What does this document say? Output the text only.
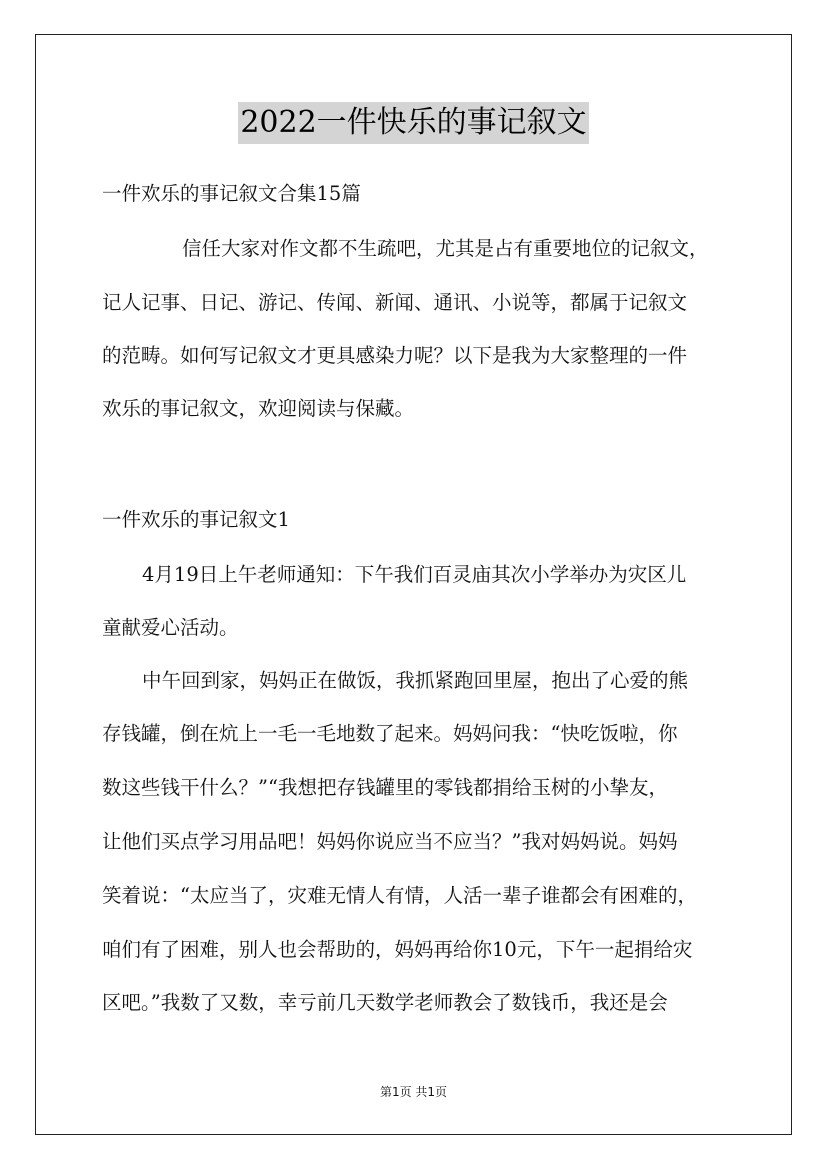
2022一件快乐的事记叙文
一件欢乐的事记叙文合集15篇
信任大家对作文都不生疏吧，尤其是占有重要地位的记叙文，
记人记事、日记、游记、传闻、新闻、通讯、小说等，都属于记叙文
的范畴。如何写记叙文才更具感染力呢？以下是我为大家整理的一件
欢乐的事记叙文，欢迎阅读与保藏。
一件欢乐的事记叙文1
4月19日上午老师通知：下午我们百灵庙其次小学举办为灾区儿
童献爱心活动。
中午回到家，妈妈正在做饭，我抓紧跑回里屋，抱出了心爱的熊
存钱罐，倒在炕上一毛一毛地数了起来。妈妈问我：“快吃饭啦，你
数这些钱干什么？”“我想把存钱罐里的零钱都捐给玉树的小挚友，
让他们买点学习用品吧！妈妈你说应当不应当？”我对妈妈说。妈妈
笑着说：“太应当了，灾难无情人有情，人活一辈子谁都会有困难的，
咱们有了困难，别人也会帮助的，妈妈再给你10元，下午一起捐给灾
区吧。”我数了又数，幸亏前几天数学老师教会了数钱币，我还是会
第1页 共1页
